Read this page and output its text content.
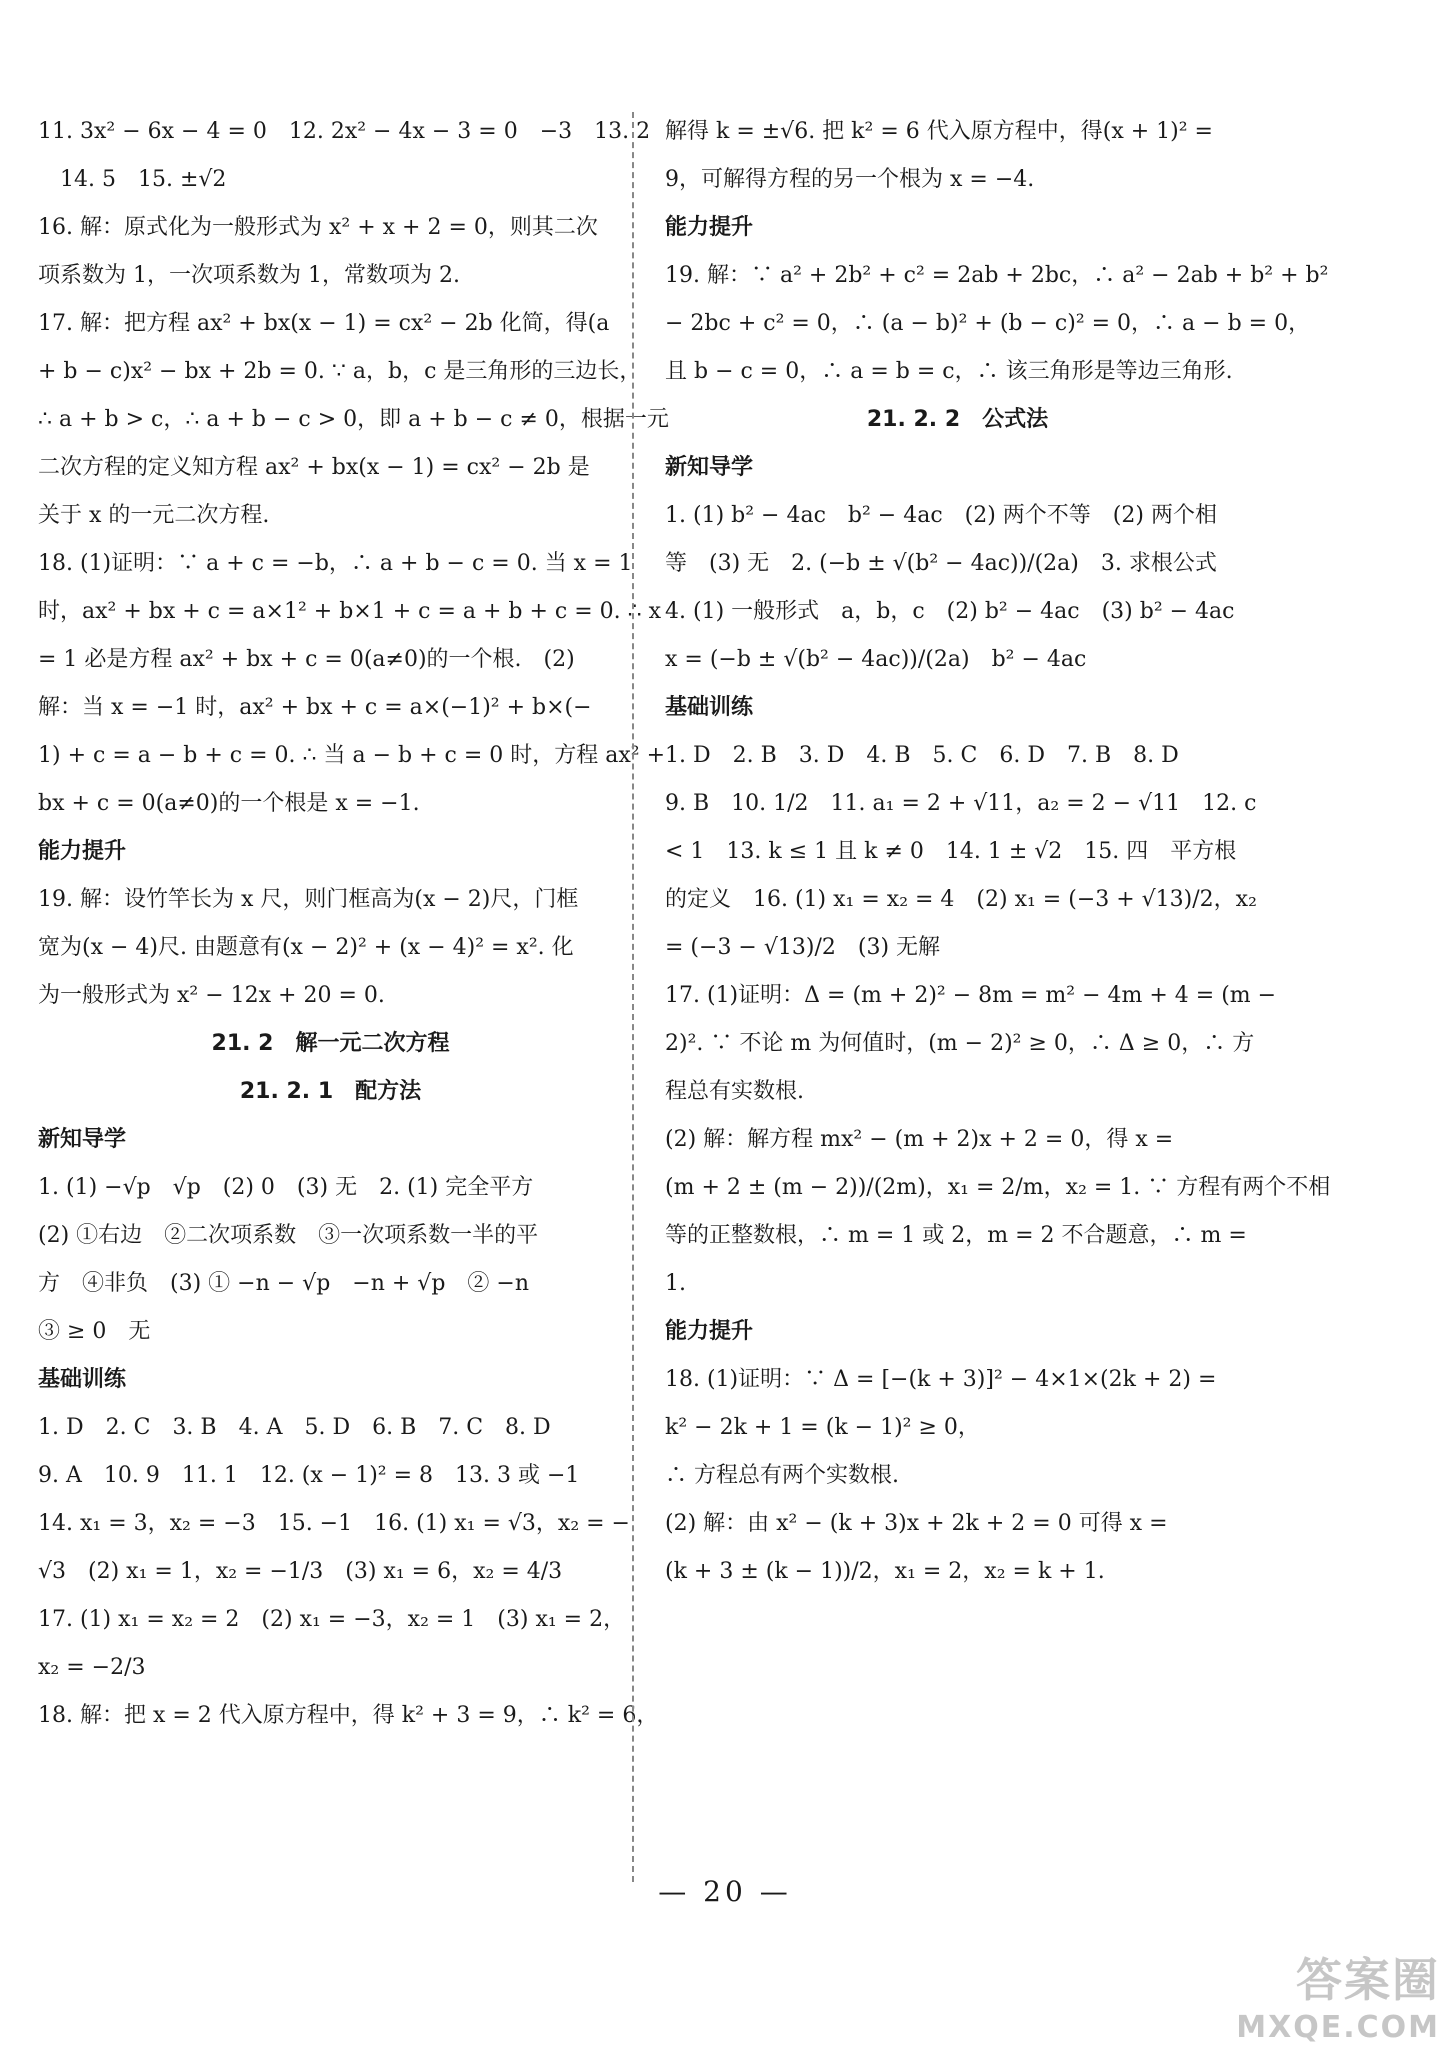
11. 3x² − 6x − 4 = 0　12. 2x² − 4x − 3 = 0　−3　13. 2
　14. 5　15. ±√2
16. 解：原式化为一般形式为 x² + x + 2 = 0，则其二次
项系数为 1，一次项系数为 1，常数项为 2.
17. 解：把方程 ax² + bx(x − 1) = cx² − 2b 化简，得(a
+ b − c)x² − bx + 2b = 0. ∵ a，b，c 是三角形的三边长，
∴ a + b > c，∴ a + b − c > 0，即 a + b − c ≠ 0，根据一元
二次方程的定义知方程 ax² + bx(x − 1) = cx² − 2b 是
关于 x 的一元二次方程.
18. (1)证明：∵ a + c = −b，∴ a + b − c = 0. 当 x = 1
时，ax² + bx + c = a×1² + b×1 + c = a + b + c = 0. ∴ x
= 1 必是方程 ax² + bx + c = 0(a≠0)的一个根.　(2)
解：当 x = −1 时，ax² + bx + c = a×(−1)² + b×(−
1) + c = a − b + c = 0. ∴ 当 a − b + c = 0 时，方程 ax² +
bx + c = 0(a≠0)的一个根是 x = −1.
能力提升
19. 解：设竹竿长为 x 尺，则门框高为(x − 2)尺，门框
宽为(x − 4)尺. 由题意有(x − 2)² + (x − 4)² = x². 化
为一般形式为 x² − 12x + 20 = 0.
21. 2　解一元二次方程
21. 2. 1　配方法
新知导学
1. (1) −√p　√p　(2) 0　(3) 无　2. (1) 完全平方
(2) ①右边　②二次项系数　③一次项系数一半的平
方　④非负　(3) ① −n − √p　−n + √p　② −n
③ ≥ 0　无
基础训练
1. D　2. C　3. B　4. A　5. D　6. B　7. C　8. D
9. A　10. 9　11. 1　12. (x − 1)² = 8　13. 3 或 −1
14. x₁ = 3，x₂ = −3　15. −1　16. (1) x₁ = √3，x₂ = −
√3　(2) x₁ = 1，x₂ = −1/3　(3) x₁ = 6，x₂ = 4/3
17. (1) x₁ = x₂ = 2　(2) x₁ = −3，x₂ = 1　(3) x₁ = 2，
x₂ = −2/3
18. 解：把 x = 2 代入原方程中，得 k² + 3 = 9，∴ k² = 6，
解得 k = ±√6. 把 k² = 6 代入原方程中，得(x + 1)² =
9，可解得方程的另一个根为 x = −4.
能力提升
19. 解：∵ a² + 2b² + c² = 2ab + 2bc，∴ a² − 2ab + b² + b²
− 2bc + c² = 0，∴ (a − b)² + (b − c)² = 0，∴ a − b = 0，
且 b − c = 0，∴ a = b = c，∴ 该三角形是等边三角形.
21. 2. 2　公式法
新知导学
1. (1) b² − 4ac　b² − 4ac　(2) 两个不等　(2) 两个相
等　(3) 无　2. (−b ± √(b² − 4ac))/(2a)　3. 求根公式
4. (1) 一般形式　a，b，c　(2) b² − 4ac　(3) b² − 4ac
x = (−b ± √(b² − 4ac))/(2a)　b² − 4ac
基础训练
1. D　2. B　3. D　4. B　5. C　6. D　7. B　8. D
9. B　10. 1/2　11. a₁ = 2 + √11，a₂ = 2 − √11　12. c
< 1　13. k ≤ 1 且 k ≠ 0　14. 1 ± √2　15. 四　平方根
的定义　16. (1) x₁ = x₂ = 4　(2) x₁ = (−3 + √13)/2，x₂
= (−3 − √13)/2　(3) 无解
17. (1)证明：Δ = (m + 2)² − 8m = m² − 4m + 4 = (m −
2)². ∵ 不论 m 为何值时，(m − 2)² ≥ 0，∴ Δ ≥ 0，∴ 方
程总有实数根.
(2) 解：解方程 mx² − (m + 2)x + 2 = 0，得 x =
(m + 2 ± (m − 2))/(2m)，x₁ = 2/m，x₂ = 1. ∵ 方程有两个不相
等的正整数根，∴ m = 1 或 2，m = 2 不合题意，∴ m =
1.
能力提升
18. (1)证明：∵ Δ = [−(k + 3)]² − 4×1×(2k + 2) =
k² − 2k + 1 = (k − 1)² ≥ 0，
∴ 方程总有两个实数根.
(2) 解：由 x² − (k + 3)x + 2k + 2 = 0 可得 x =
(k + 3 ± (k − 1))/2，x₁ = 2，x₂ = k + 1.
— 20 —
答案圈
MXQE.COM
